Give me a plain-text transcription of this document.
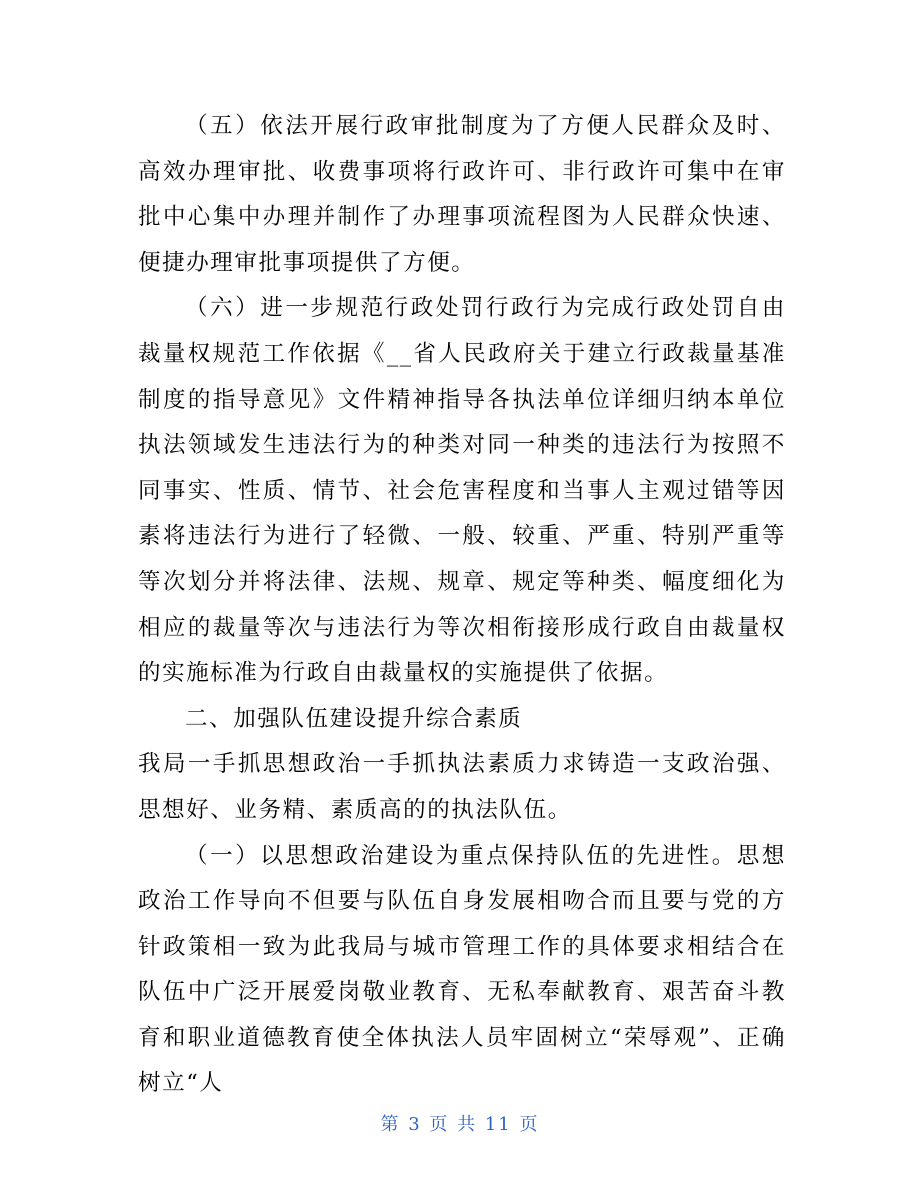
（五）依法开展行政审批制度为了方便人民群众及时、高效办理审批、收费事项将行政许可、非行政许可集中在审批中心集中办理并制作了办理事项流程图为人民群众快速、便捷办理审批事项提供了方便。

（六）进一步规范行政处罚行政行为完成行政处罚自由裁量权规范工作依据《__省人民政府关于建立行政裁量基准制度的指导意见》文件精神指导各执法单位详细归纳本单位执法领域发生违法行为的种类对同一种类的违法行为按照不同事实、性质、情节、社会危害程度和当事人主观过错等因素将违法行为进行了轻微、一般、较重、严重、特别严重等等次划分并将法律、法规、规章、规定等种类、幅度细化为相应的裁量等次与违法行为等次相衔接形成行政自由裁量权的实施标准为行政自由裁量权的实施提供了依据。

二、加强队伍建设提升综合素质

我局一手抓思想政治一手抓执法素质力求铸造一支政治强、思想好、业务精、素质高的的执法队伍。

（一）以思想政治建设为重点保持队伍的先进性。思想政治工作导向不但要与队伍自身发展相吻合而且要与党的方针政策相一致为此我局与城市管理工作的具体要求相结合在队伍中广泛开展爱岗敬业教育、无私奉献教育、艰苦奋斗教育和职业道德教育使全体执法人员牢固树立“荣辱观”、正确树立“人

第 3 页 共 11 页
